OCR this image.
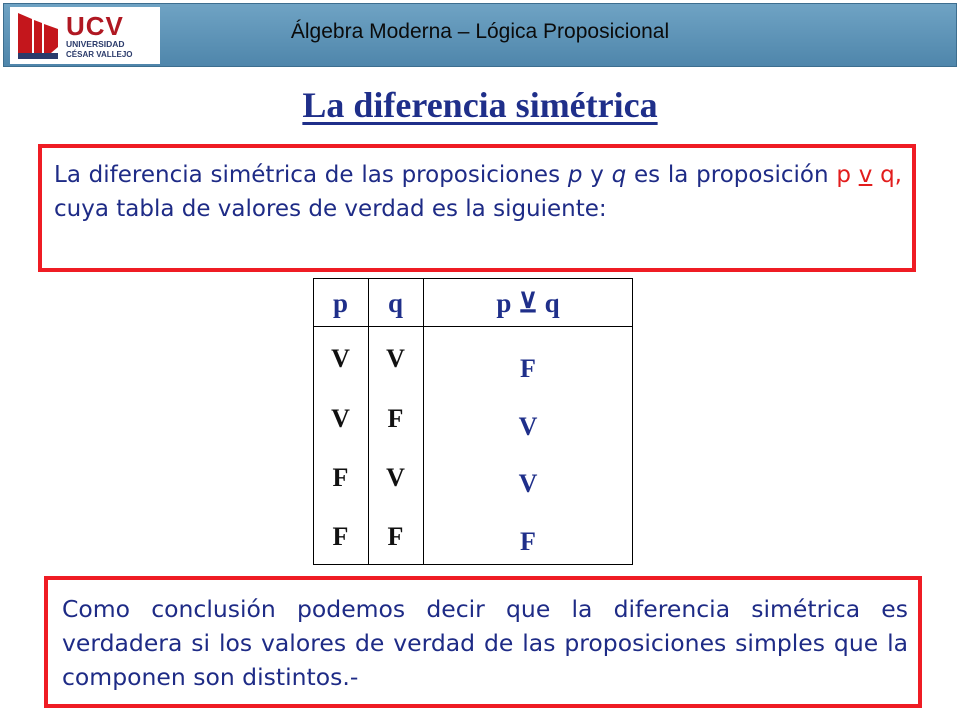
UCV
UNIVERSIDAD
CÉSAR VALLEJO
Álgebra Moderna – Lógica Proposicional
La diferencia simétrica
La diferencia simétrica de las proposiciones p y q es la proposición p v q, cuya tabla de valores de verdad es la siguiente:
p	q	p ⊻ q
V
V
F
F
V
F
V
F
F
V
V
F
Como conclusión podemos decir que la diferencia simétrica es verdadera si los valores de verdad de las proposiciones simples que la componen son distintos.-
